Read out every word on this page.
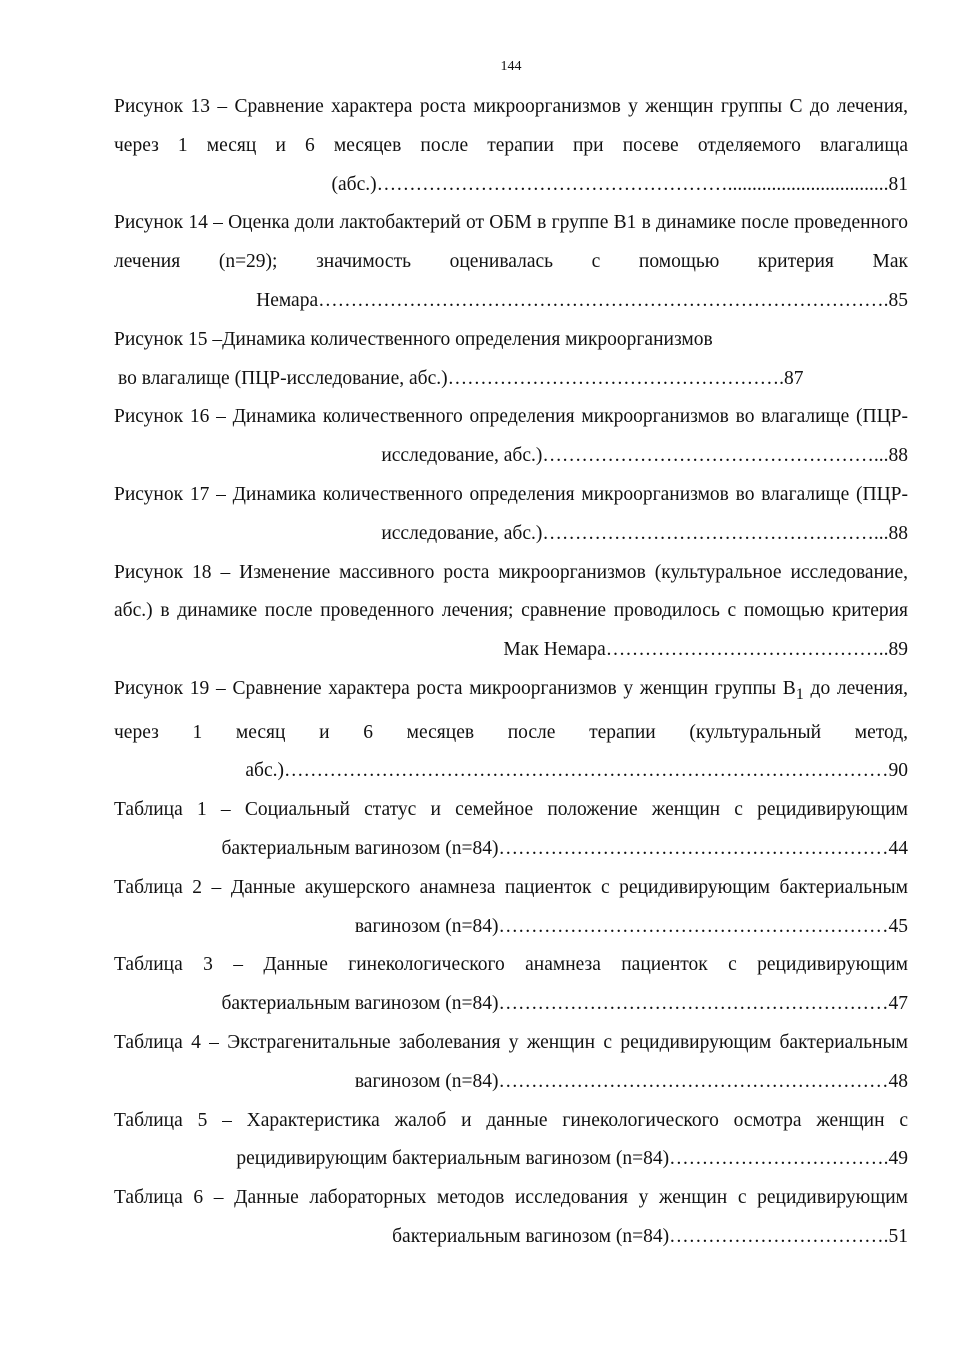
144

Рисунок 13 – Сравнение характера роста микроорганизмов у женщин группы С до лечения, через 1 месяц и 6 месяцев после терапии при посеве отделяемого влагалища (абс.)……………………………………………….................................81

Рисунок 14 – Оценка доли лактобактерий от ОБМ в группе В1 в динамике после проведенного лечения (n=29); значимость оценивалась с помощью критерия Мак Немара…………………………………………………………………………….85

Рисунок 15 –Динамика количественного определения микроорганизмов
во влагалище (ПЦР-исследование, абс.)…………………………………………….87

Рисунок 16 – Динамика количественного определения микроорганизмов во влагалище (ПЦР-исследование, абс.)……………………………………………...88

Рисунок 17 – Динамика количественного определения микроорганизмов во влагалище (ПЦР-исследование, абс.)……………………………………………...88

Рисунок 18 – Изменение массивного роста микроорганизмов (культуральное исследование, абс.) в динамике после проведенного лечения; сравнение проводилось с помощью критерия Мак Немара……………………………………..89

Рисунок 19 – Сравнение характера роста микроорганизмов у женщин группы $В_1$ до лечения, через 1 месяц и 6 месяцев после терапии (культуральный метод, абс.)…………………………………………………………………………………90

Таблица 1 – Социальный статус и семейное положение женщин с рецидивирующим бактериальным вагинозом (n=84)……………………………………………………44

Таблица 2 – Данные акушерского анамнеза пациенток с рецидивирующим бактериальным вагинозом (n=84)……………………………………………………45

Таблица 3 – Данные гинекологического анамнеза пациенток с рецидивирующим бактериальным вагинозом (n=84)……………………………………………………47

Таблица 4 – Экстрагенитальные заболевания у женщин с рецидивирующим бактериальным вагинозом (n=84)……………………………………………………48

Таблица 5 – Характеристика жалоб и данные гинекологического осмотра женщин с рецидивирующим бактериальным вагинозом (n=84)…………………………….49

Таблица 6 – Данные лабораторных методов исследования у женщин с рецидивирующим бактериальным вагинозом (n=84)…………………………….51
